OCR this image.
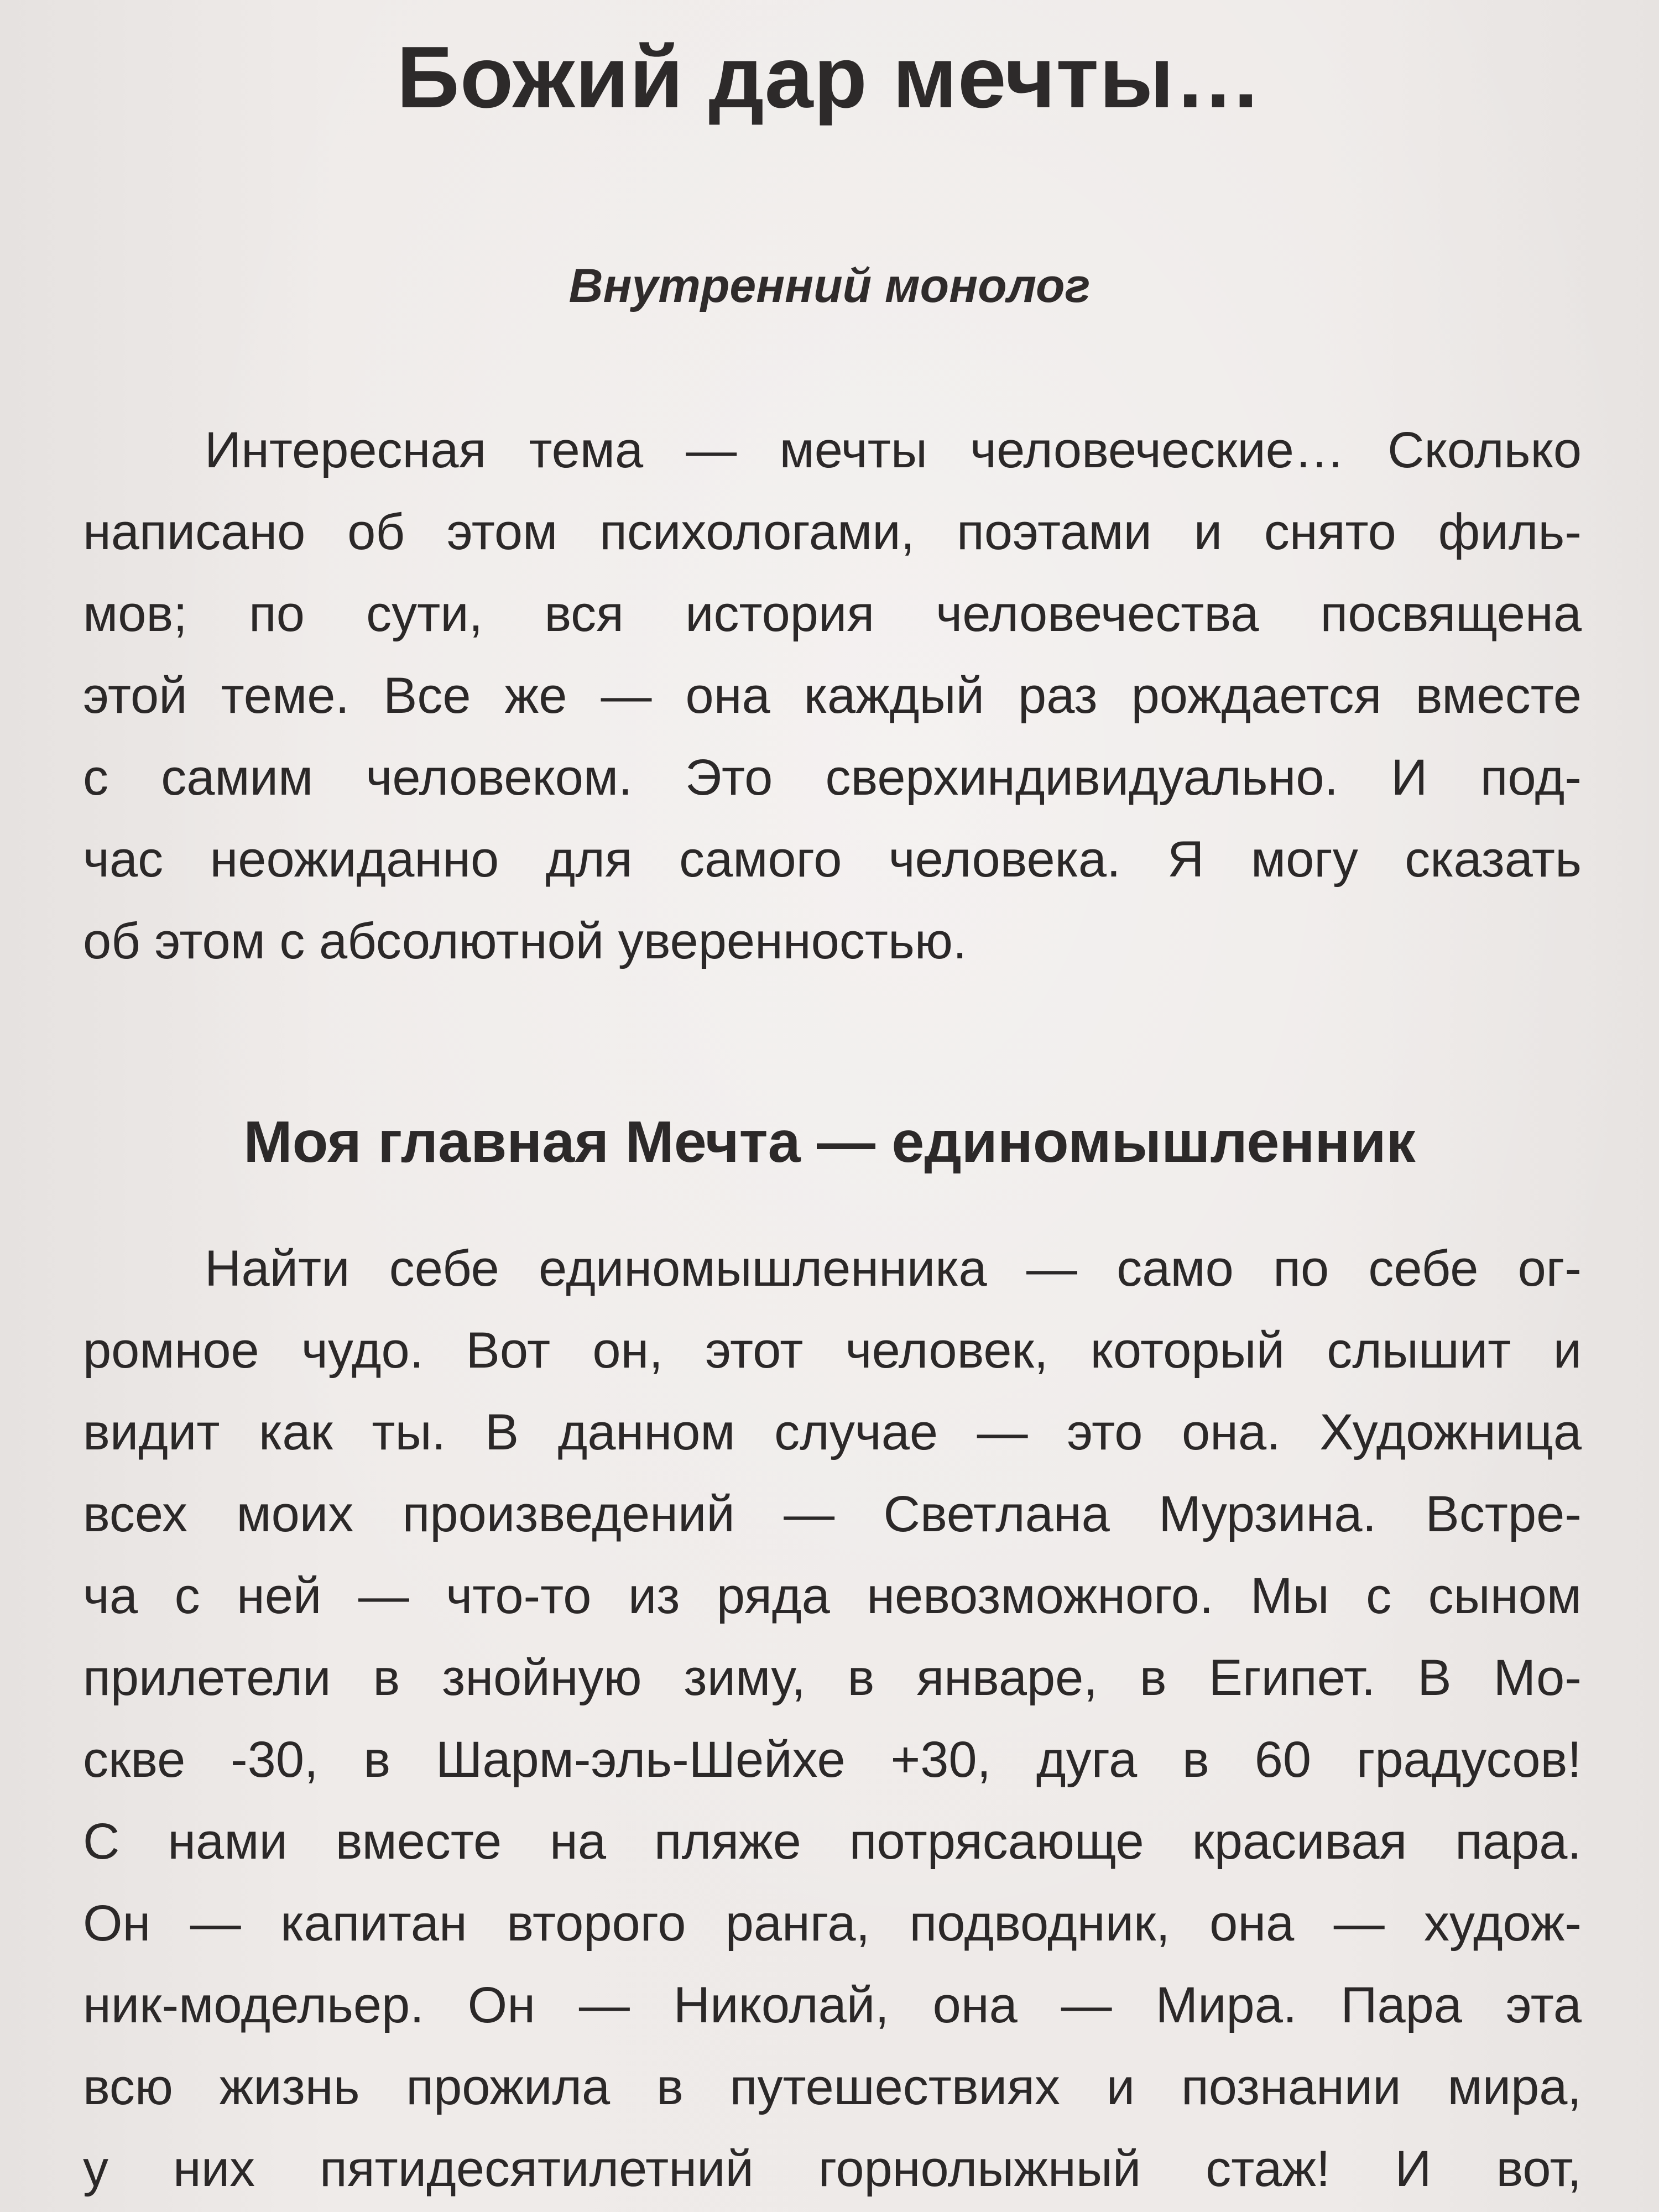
Божий дар мечты…
Внутренний монолог

Интересная тема — мечты человеческие… Сколько
написано об этом психологами, поэтами и снято филь-
мов; по сути, вся история человечества посвящена
этой теме. Все же — она каждый раз рождается вместе
с самим человеком. Это сверхиндивидуально. И под-
час неожиданно для самого человека. Я могу сказать
об этом с абсолютной уверенностью.

Моя главная Мечта — единомышленник

Найти себе единомышленника — само по себе ог-
ромное чудо. Вот он, этот человек, который слышит и
видит как ты. В данном случае — это она. Художница
всех моих произведений — Светлана Мурзина. Встре-
ча с ней — что-то из ряда невозможного. Мы с сыном
прилетели в знойную зиму, в январе, в Египет. В Мо-
скве -30, в Шарм-эль-Шейхе +30, дуга в 60 градусов!
С нами вместе на пляже потрясающе красивая пара.
Он — капитан второго ранга, подводник, она — худож-
ник-модельер. Он — Николай, она — Мира. Пара эта
всю жизнь прожила в путешествиях и познании мира,
у них пятидесятилетний горнолыжный стаж! И вот,
